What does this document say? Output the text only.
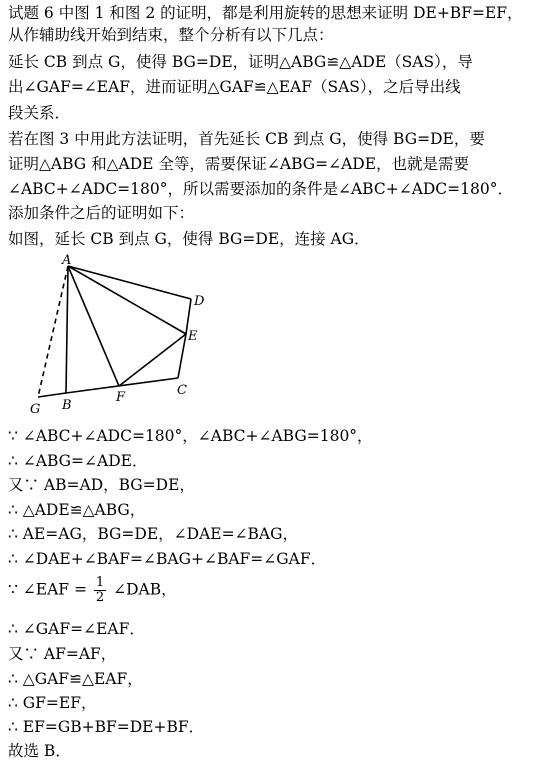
试题 6 中图 1 和图 2 的证明，都是利用旋转的思想来证明 DE+BF=EF，
从作辅助线开始到结束，整个分析有以下几点：
延长 CB 到点 G，使得 BG=DE，证明△ABG≌△ADE（SAS），导
出∠GAF=∠EAF，进而证明△GAF≌△EAF（SAS），之后导出线
段关系．
若在图 3 中用此方法证明，首先延长 CB 到点 G，使得 BG=DE，要
证明△ABG 和△ADE 全等，需要保证∠ABG=∠ADE，也就是需要
∠ABC+∠ADC=180°，所以需要添加的条件是∠ABC+∠ADC=180°．
添加条件之后的证明如下：
如图，延长 CB 到点 G，使得 BG=DE，连接 AG．
A
D
E
C
F
B
G
∵ ∠ABC+∠ADC=180°，∠ABC+∠ABG=180°，
∴ ∠ABG=∠ADE．
又∵ AB=AD，BG=DE，
∴ △ADE≌△ABG，
∴ AE=AG，BG=DE，∠DAE=∠BAG，
∴ ∠DAE+∠BAF=∠BAG+∠BAF=∠GAF．
∵ ∠EAF = $\frac{1}{2}$ ∠DAB，
∴ ∠GAF=∠EAF．
又∵ AF=AF，
∴ △GAF≌△EAF，
∴ GF=EF，
∴ EF=GB+BF=DE+BF．
故选 B．
